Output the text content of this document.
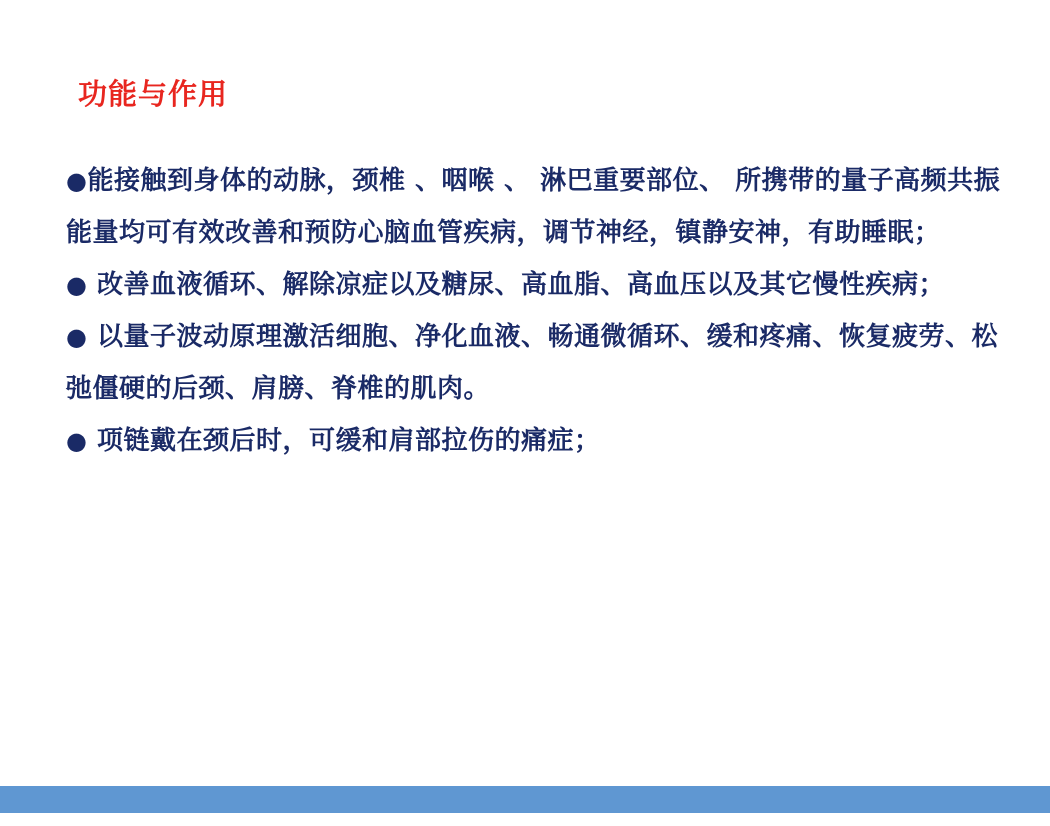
功能与作用

●能接触到身体的动脉，颈椎 、咽喉 、 淋巴重要部位、 所携带的量子高频共振能量均可有效改善和预防心脑血管疾病，调节神经，镇静安神，有助睡眠；

● 改善血液循环、解除凉症以及糖尿、高血脂、高血压以及其它慢性疾病；

● 以量子波动原理激活细胞、净化血液、畅通微循环、缓和疼痛、恢复疲劳、松弛僵硬的后颈、肩膀、脊椎的肌肉。

● 项链戴在颈后时，可缓和肩部拉伤的痛症；
